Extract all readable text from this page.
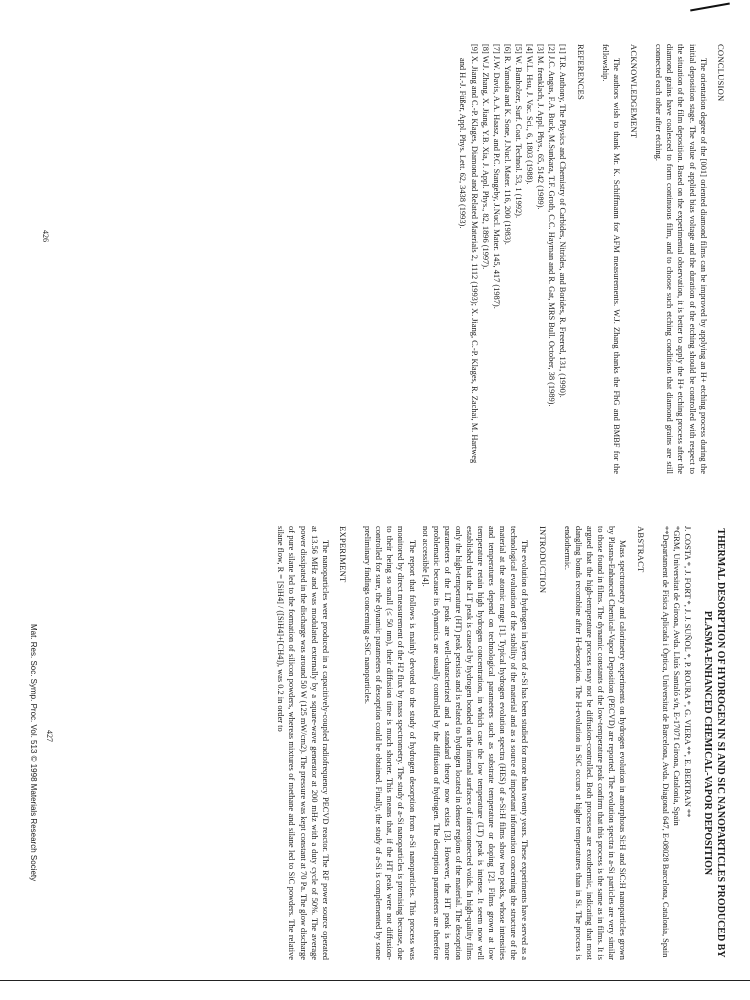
CONCLUSION

The orientation degree of the [001] oriented diamond films can be improved by applying an H+ etching process during the initial deposition stage. The value of applied bias voltage and the duration of the etching should be controlled with respect to the situation of the film deposition. Based on the experimental observation, it is better to apply the H+ etching process after the diamond grains have coalesced to form continuous film, and to choose such etching conditions that diamond grains are still connected each other after etching.

ACKNOWLEDGEMENT

The authors wish to thank Mr. K. Schiffmann for AFM measurements. W.J. Zhang thanks the FhG and BMBF for the fellowship.

REFERENCES

[1] T.R. Anthony, The Physics and Chemistry of Carbides, Nitrides, and Borides, R. Freered, 131, (1990).

[2] J.C. Angus, F.A. Buck, M.Sunkara, T.F. Groth, C.C. Hayman and R. Gat, MRS Bull. October, 38 (1989).

[3] M. frenklach, J. Appl. Phys., 65, 5142 (1989).

[4] W.L. Hsu, J. Vac. Sci., 6, 1803 (1988).

[5] W. Banholzer, Surf. Coat. Technol. 53, 1 (1992).

[6] R. Yamada and K. Sone, J.Nucl. Mater. 116, 200 (1983).

[7] J.W. Davis, A.A. Haasz, and P.C. Stangeby, J.Nucl. Mater. 145, 417 (1987).

[8] W.J. Zhang, X. Jiang, Y.B. Xia, J. Appl. Phys., 82, 1896 (1997).

[9] X. Jiang and C.-P. Klages, Diamond and Related Materials 2, 1112 (1993); X. Jiang, C.-P. Klages, R. Zachai, M. Hartweg and H.-J. Füßer, Appl. Phys. Lett. 62, 3438 (1993).

426
THERMAL DESORPTION OF HYDROGEN IN SI AND SIC NANOPARTICLES PRODUCED BY PLASMA-ENHANCED CHEMICAL-VAPOR DEPOSITION

J. COSTA *, J. FORT *, J. J. SUÑOL *, P. ROURA *, G. VIERA **, E. BERTRAN **

*GRM, Universitat de Girona, Avda. Lluís Santaló s/n, E-17071 Girona, Catalonia, Spain

**Departament de Física Aplicada i Òptica, Universitat de Barcelona, Avda. Diagonal 647, E-08028 Barcelona, Catalonia, Spain

ABSTRACT

Mass spectrometry and calorimetry experiments on hydrogen evolution in amorphous Si:H and SiC:H nanoparticles grown by Plasma-Enhanced Chemical-Vapor Deposition (PECVD) are reported. The evolution spectra in a-Si particles are very similar to those found in films. The dynamic constants of the low-temperature peak confirm that this process is the same as in films. It is argued that the high-temperature process may not be diffusion-controlled. Both processes are exothermic, indicating that most dangling bonds recombine after H-desorption. The H-evolution in SiC occurs at higher temperatures than in Si. The process is endothermic.

INTRODUCTION

The evolution of hydrogen in layers of a-Si has been studied for more than twenty years. These experiments have served as a technological evaluation of the stability of the material and as a source of important information concerning the structure of the material at the atomic range [1]. Typical hydrogen evolution spectra (HES) of a-Si:H films show two peaks, whose intensities and temperatures depend on technological parameters such as substrate temperature or doping [2]. Films grown at low temperature retain high hydrogen concentration, in which case the low temperature (LT) peak is intense. It seem now well established that the LT peak is caused by hydrogen bonded on the internal surfaces of interconnected voids. In high-quality films only the high-temperature (HT) peak persists and is related to hydrogen located in denser regions of the material. The desorption parameters of the LT peak are well-characterized and a standard theory now exists [3]. However, the HT peak is more problematic because its dynamics are usually controlled by the diffusion of hydrogen. The desorption parameters are therefore not accessible [4].

The report that follows is mainly devoted to the study of hydrogen desorption from a-Si nanoparticles. This process was monitored by direct measurement of the H2 flux by mass spectrometry. The study of a-Si nanoparticles is promising because, due to their being so small (≤ 50 nm), their diffusion time is much shorter. This means that, if the HT peak were not diffusion-controlled for sure, the dynamic parameters of desorption could be obtained. Finally, the study of a-Si is complemented by some preliminary findings concerning a-SiC nanoparticles.

EXPERIMENT

The nanoparticles were produced in a capacitively-coupled radiofrequency PECVD reactor. The RF power source operated at 13.56 MHz and was modulated externally by a square-wave generator at 200 mHz with a duty cycle of 50%. The average power dissipated in the discharge was around 50 W (125 mW/cm2). The pressure was kept constant at 70 Pa. The glow discharge of pure silane led to the formation of silicon powders, whereas mixtures of methane and silane led to SiC powders. The relative silane flow, R = [SiH4] / ([SiH4]+[CH4]), was 0.2 in order to

427
Mat. Res. Soc. Symp. Proc. Vol. 513 © 1998 Materials Research Society
